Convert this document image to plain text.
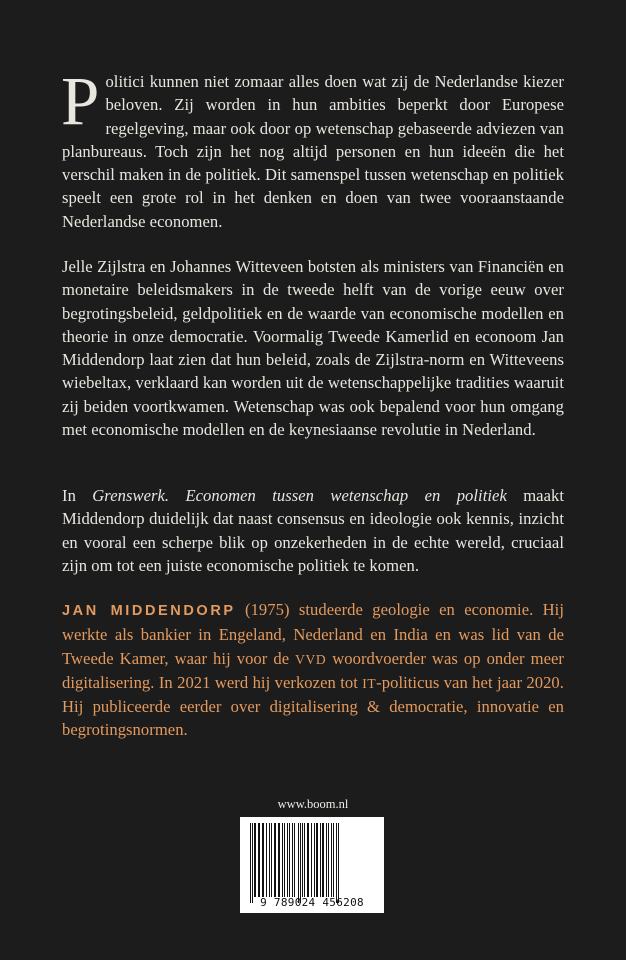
Politici kunnen niet zomaar alles doen wat zij de Nederlandse kiezer beloven. Zij worden in hun ambities beperkt door Europese regelgeving, maar ook door op wetenschap gebaseerde adviezen van planbureaus. Toch zijn het nog altijd personen en hun ideeën die het verschil maken in de politiek. Dit samenspel tussen wetenschap en politiek speelt een grote rol in het denken en doen van twee vooraanstaande Nederlandse economen.

Jelle Zijlstra en Johannes Witteveen botsten als ministers van Financiën en monetaire beleidsmakers in de tweede helft van de vorige eeuw over begrotingsbeleid, geldpolitiek en de waarde van economische modellen en theorie in onze democratie. Voormalig Tweede Kamerlid en econoom Jan Middendorp laat zien dat hun beleid, zoals de Zijlstra-norm en Witteveens wiebeltax, verklaard kan worden uit de wetenschappelijke tradities waaruit zij beiden voortkwamen. Wetenschap was ook bepalend voor hun omgang met economische modellen en de keynesiaanse revolutie in Nederland.

In Grenswerk. Economen tussen wetenschap en politiek maakt Middendorp duidelijk dat naast consensus en ideologie ook kennis, inzicht en vooral een scherpe blik op onzekerheden in de echte wereld, cruciaal zijn om tot een juiste economische politiek te komen.

JAN MIDDENDORP (1975) studeerde geologie en economie. Hij werkte als bankier in Engeland, Nederland en India en was lid van de Tweede Kamer, waar hij voor de VVD woordvoerder was op onder meer digitalisering. In 2021 werd hij verkozen tot IT-politicus van het jaar 2020. Hij publiceerde eerder over digitalisering & democratie, innovatie en begrotingsnormen.

www.boom.nl
9 789024 456208
